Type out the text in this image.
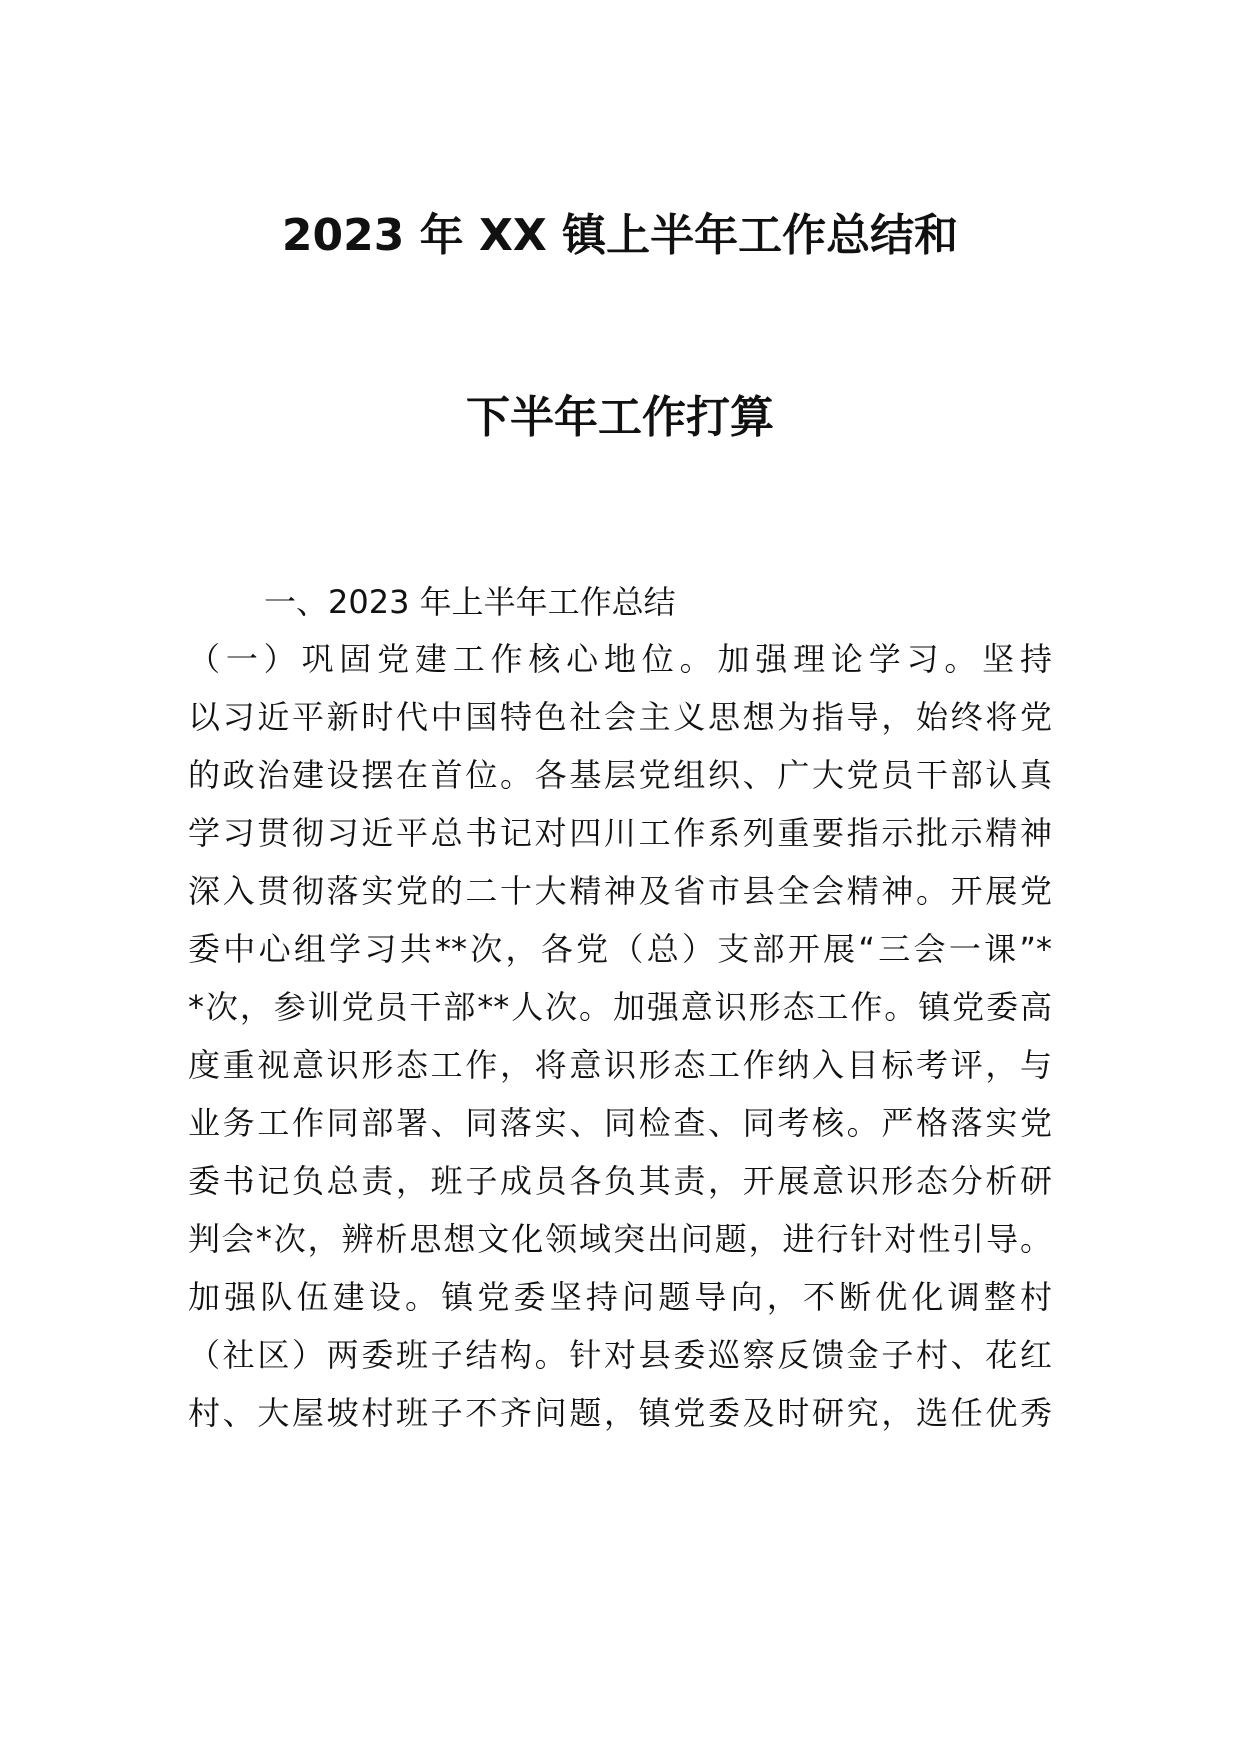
2023 年 XX 镇上半年工作总结和
下半年工作打算
一、2023 年上半年工作总结
（一）巩固党建工作核心地位。加强理论学习。坚持
以习近平新时代中国特色社会主义思想为指导，始终将党
的政治建设摆在首位。各基层党组织、广大党员干部认真
学习贯彻习近平总书记对四川工作系列重要指示批示精神
深入贯彻落实党的二十大精神及省市县全会精神。开展党
委中心组学习共**次，各党（总）支部开展“三会一课”*
*次，参训党员干部**人次。加强意识形态工作。镇党委高
度重视意识形态工作，将意识形态工作纳入目标考评，与
业务工作同部署、同落实、同检查、同考核。严格落实党
委书记负总责，班子成员各负其责，开展意识形态分析研
判会*次，辨析思想文化领域突出问题，进行针对性引导。
加强队伍建设。镇党委坚持问题导向，不断优化调整村
（社区）两委班子结构。针对县委巡察反馈金子村、花红
村、大屋坡村班子不齐问题，镇党委及时研究，选任优秀
